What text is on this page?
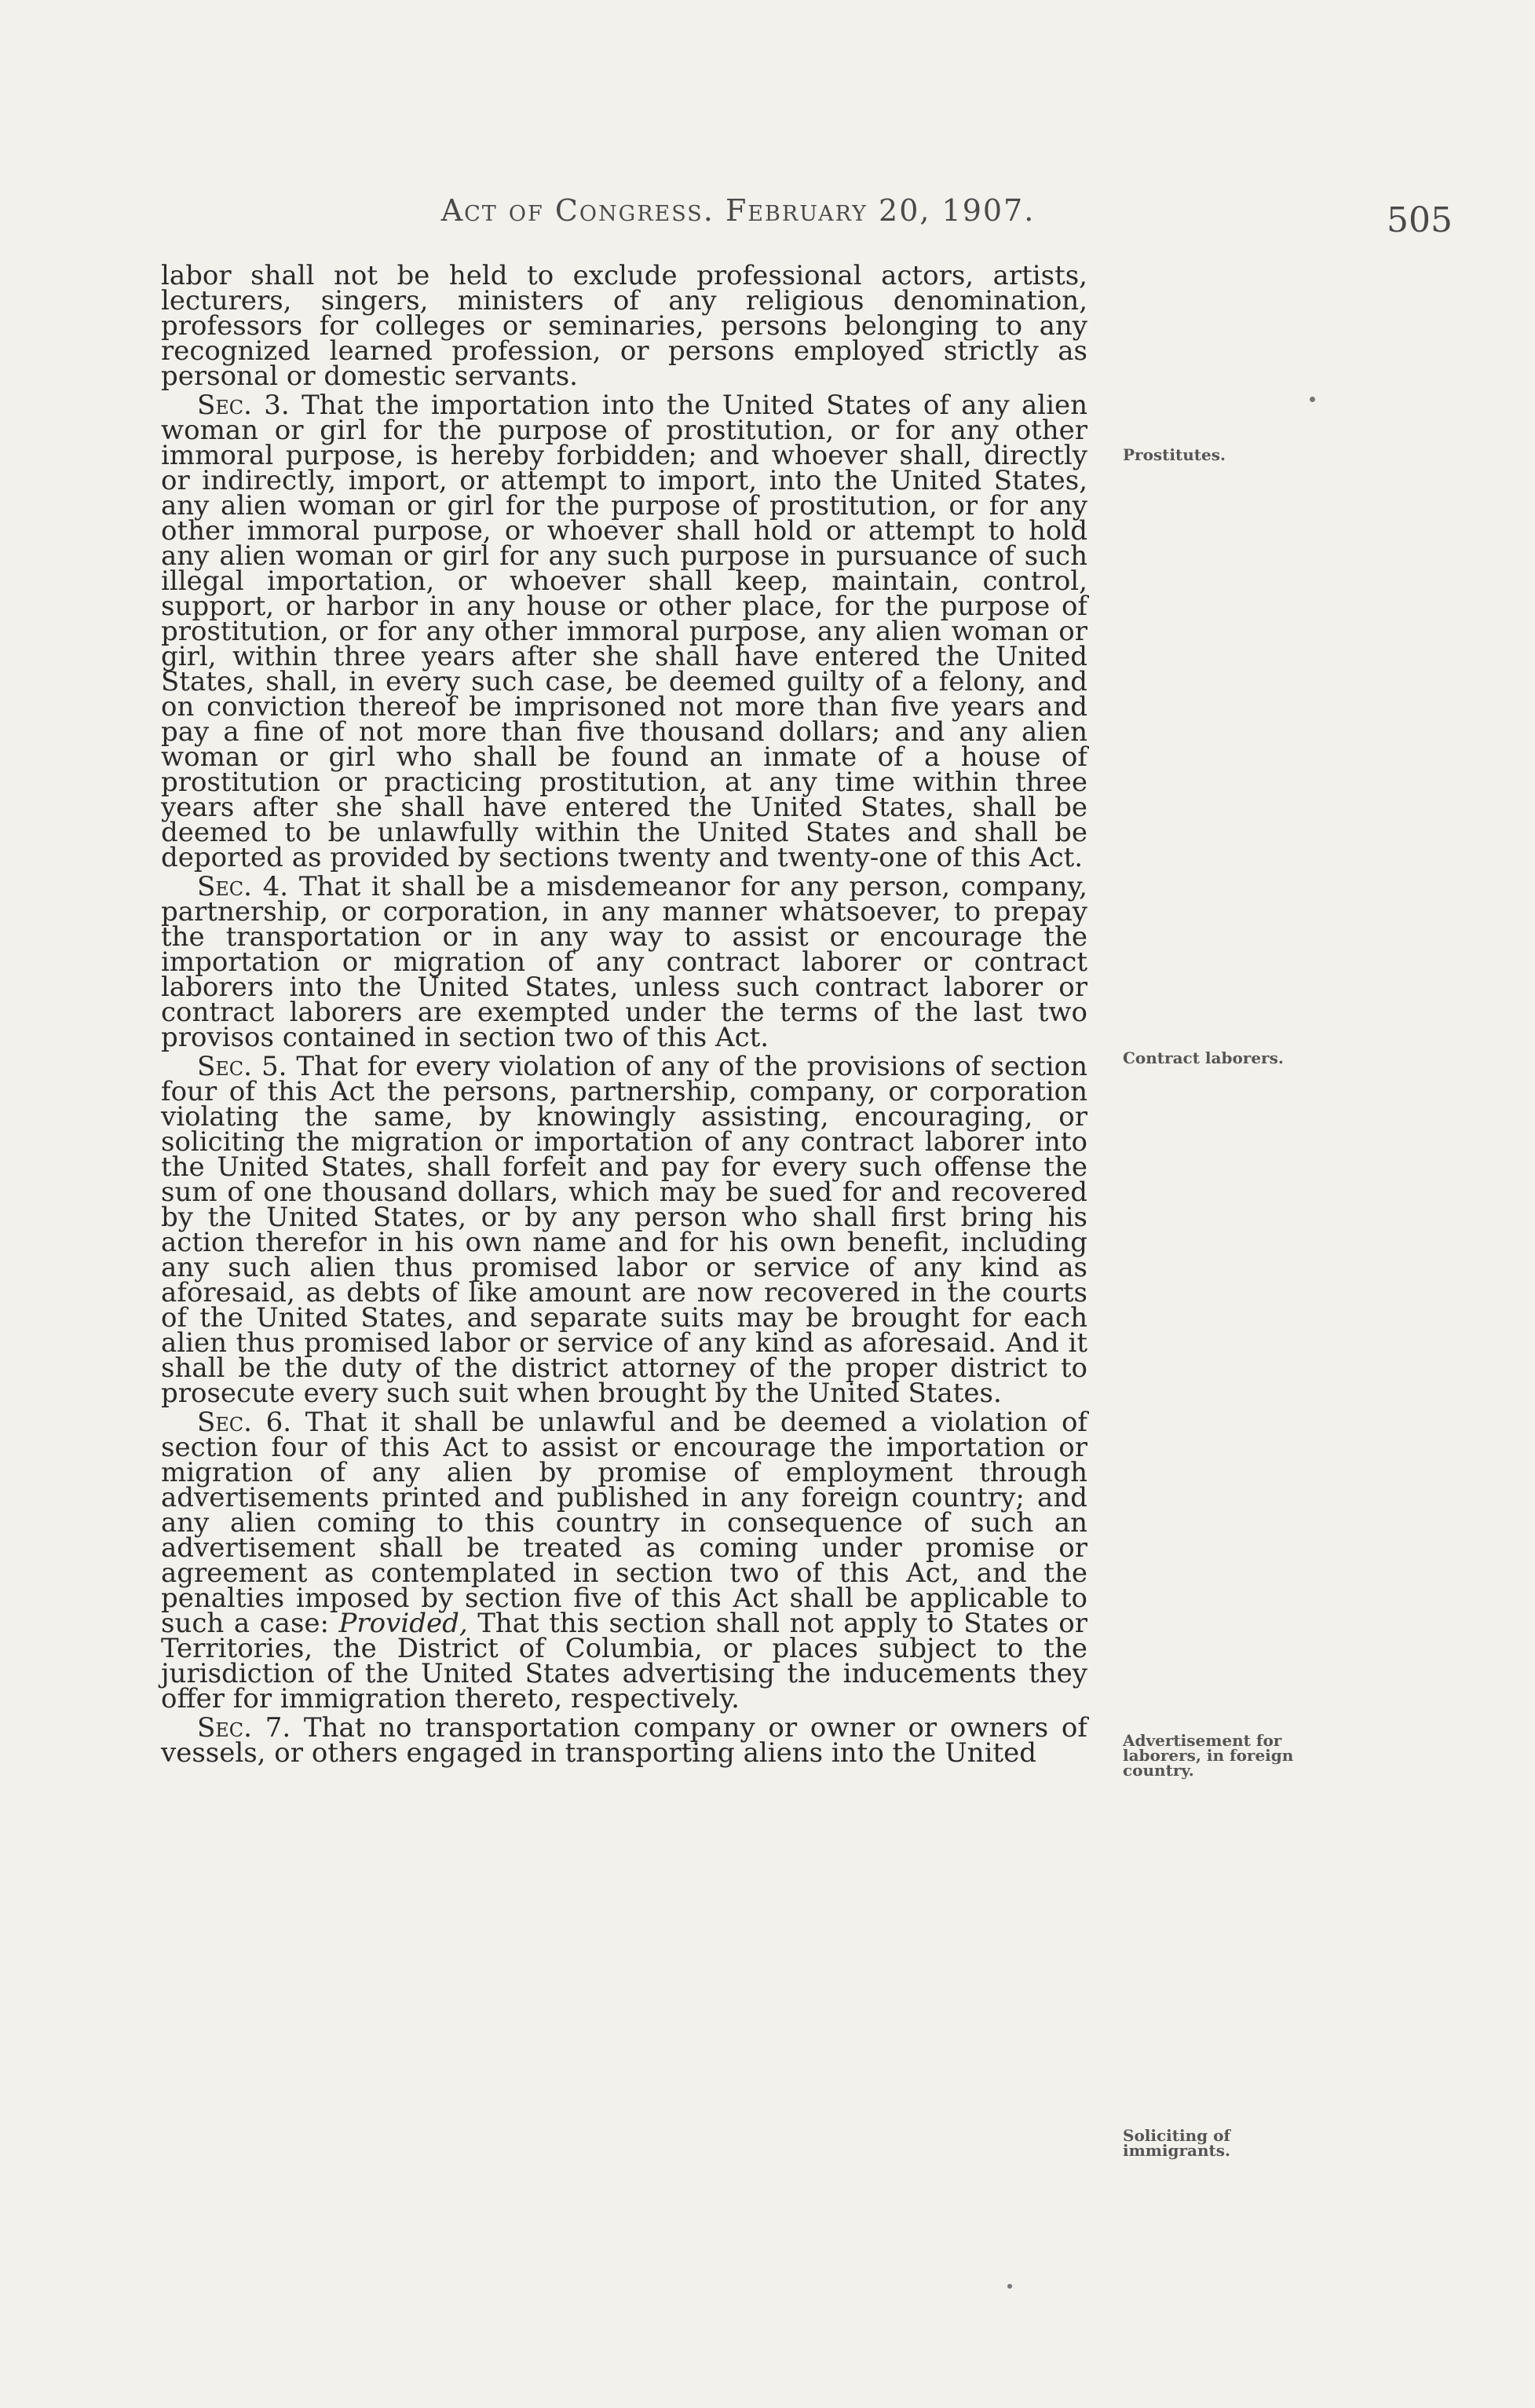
Act of Congress. February 20, 1907.	505

labor shall not be held to exclude professional actors, artists, lecturers, singers, ministers of any religious denomination, professors for colleges or seminaries, persons belonging to any recognized learned profession, or persons employed strictly as personal or domestic servants.

Sec. 3. That the importation into the United States of any alien woman or girl for the purpose of prostitution, or for any other immoral purpose, is hereby forbidden; and whoever shall, directly or indirectly, import, or attempt to import, into the United States, any alien woman or girl for the purpose of prostitution, or for any other immoral purpose, or whoever shall hold or attempt to hold any alien woman or girl for any such purpose in pursuance of such illegal importation, or whoever shall keep, maintain, control, support, or harbor in any house or other place, for the purpose of prostitution, or for any other immoral purpose, any alien woman or girl, within three years after she shall have entered the United States, shall, in every such case, be deemed guilty of a felony, and on conviction thereof be imprisoned not more than five years and pay a fine of not more than five thousand dollars; and any alien woman or girl who shall be found an inmate of a house of prostitution or practicing prostitution, at any time within three years after she shall have entered the United States, shall be deemed to be unlawfully within the United States and shall be deported as provided by sections twenty and twenty-one of this Act.

Sec. 4. That it shall be a misdemeanor for any person, company, partnership, or corporation, in any manner whatsoever, to prepay the transportation or in any way to assist or encourage the importation or migration of any contract laborer or contract laborers into the United States, unless such contract laborer or contract laborers are exempted under the terms of the last two provisos contained in section two of this Act.

Sec. 5. That for every violation of any of the provisions of section four of this Act the persons, partnership, company, or corporation violating the same, by knowingly assisting, encouraging, or soliciting the migration or importation of any contract laborer into the United States, shall forfeit and pay for every such offense the sum of one thousand dollars, which may be sued for and recovered by the United States, or by any person who shall first bring his action therefor in his own name and for his own benefit, including any such alien thus promised labor or service of any kind as aforesaid, as debts of like amount are now recovered in the courts of the United States, and separate suits may be brought for each alien thus promised labor or service of any kind as aforesaid. And it shall be the duty of the district attorney of the proper district to prosecute every such suit when brought by the United States.

Sec. 6. That it shall be unlawful and be deemed a violation of section four of this Act to assist or encourage the importation or migration of any alien by promise of employment through advertisements printed and published in any foreign country; and any alien coming to this country in consequence of such an advertisement shall be treated as coming under promise or agreement as contemplated in section two of this Act, and the penalties imposed by section five of this Act shall be applicable to such a case: Provided, That this section shall not apply to States or Territories, the District of Columbia, or places subject to the jurisdiction of the United States advertising the inducements they offer for immigration thereto, respectively.

Sec. 7. That no transportation company or owner or owners of vessels, or others engaged in transporting aliens into the United

Prostitutes.
Contract laborers.
Advertisement for laborers, in foreign country.
Soliciting of immigrants.
